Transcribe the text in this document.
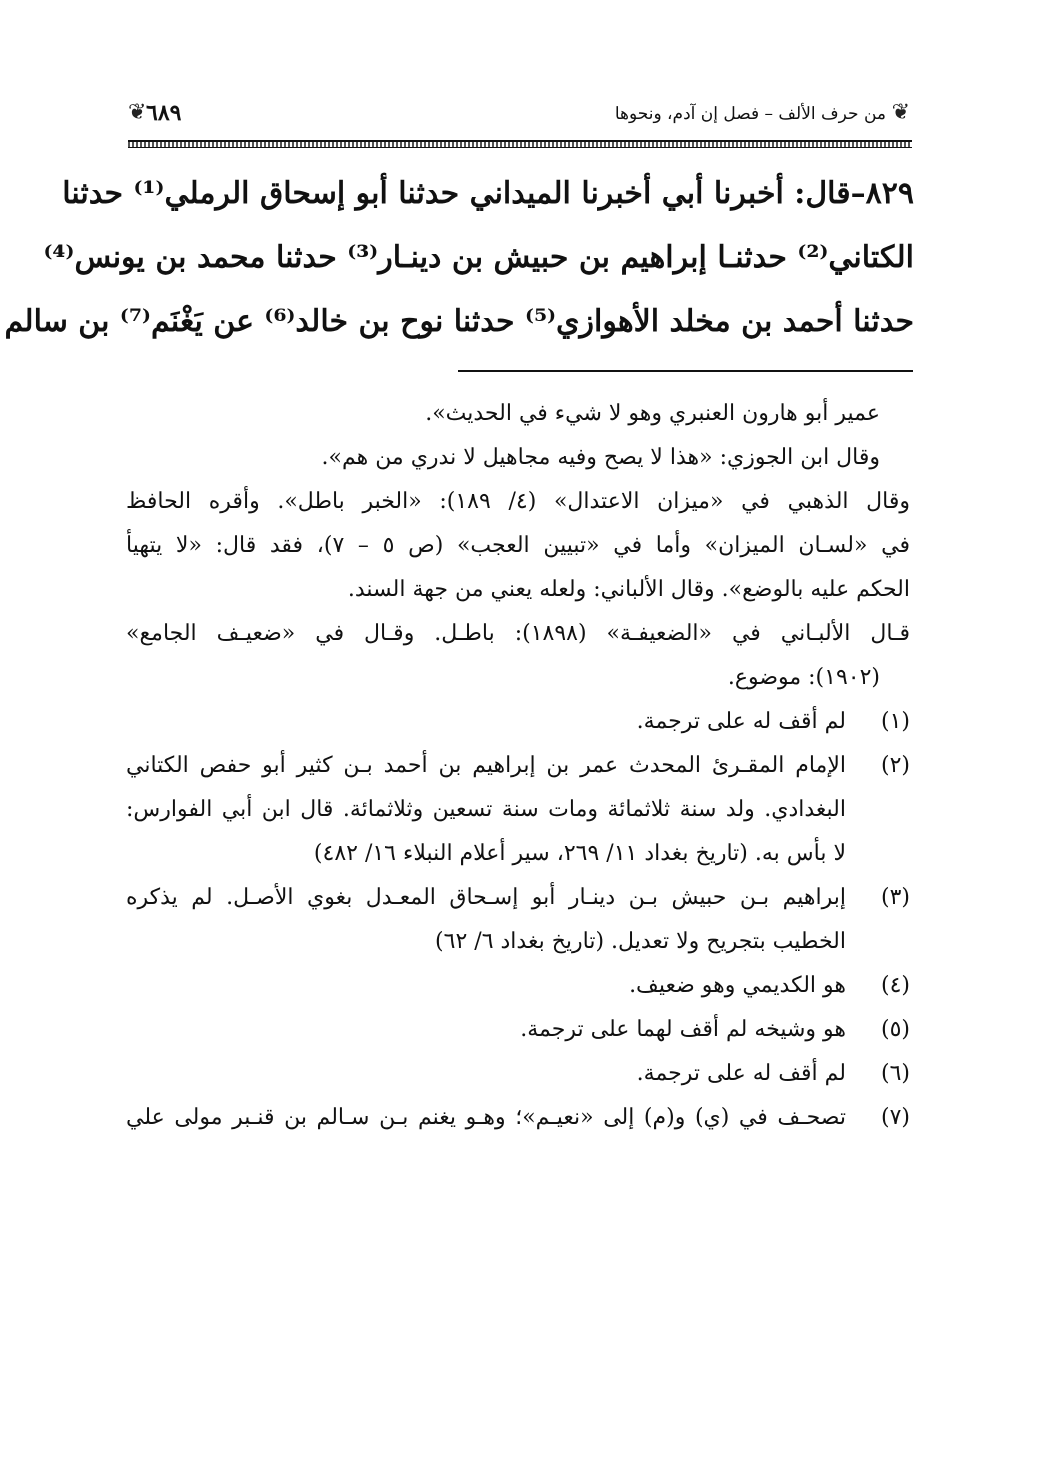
❦
من حرف الألف – فصل إن آدم، ونحوها
٦٨٩
❦
٨٢٩–قال: أخبرنا أبي أخبرنا الميداني حدثنا أبو إسحاق الرملي⁽¹⁾ حدثنا
الكتاني⁽²⁾ حدثنـا إبراهيم بن حبيش بن دينـار⁽³⁾ حدثنا محمد بن يونس⁽⁴⁾
حدثنا أحمد بن مخلد الأهوازي⁽⁵⁾ حدثنا نوح بن خالد⁽⁶⁾ عن يَغْنَم⁽⁷⁾ بن سالم
عمير أبو هارون العنبري وهو لا شيء في الحديث».
وقال ابن الجوزي: «هذا لا يصح وفيه مجاهيل لا ندري من هم».
وقال الذهبي في «ميزان الاعتدال» (٤/ ١٨٩): «الخبر باطل». وأقره الحافظ
في «لسـان الميزان» وأما في «تبيين العجب» (ص ٥ – ٧)، فقد قال: «لا يتهيأ
الحكم عليه بالوضع». وقال الألباني: ولعله يعني من جهة السند.
قـال الألبـاني في «الضعيفـة» (١٨٩٨): باطـل. وقـال في «ضعيـف الجامع»
(١٩٠٢): موضوع.
(١)لم أقف له على ترجمة.
(٢)الإمام المقـرئ المحدث عمر بن إبراهيم بن أحمد بـن كثير أبو حفص الكتاني
البغدادي. ولد سنة ثلاثمائة ومات سنة تسعين وثلاثمائة. قال ابن أبي الفوارس:
لا بأس به. (تاريخ بغداد ١١/ ٢٦٩، سير أعلام النبلاء ١٦/ ٤٨٢)
(٣)إبراهيم بـن حبيش بـن دينـار أبو إسـحاق المعـدل بغوي الأصـل. لم يذكره
الخطيب بتجريح ولا تعديل. (تاريخ بغداد ٦/ ٦٢)
(٤)هو الكديمي وهو ضعيف.
(٥)هو وشيخه لم أقف لهما على ترجمة.
(٦)لم أقف له على ترجمة.
(٧)تصحـف في (ي) و(م) إلى «نعيـم»؛ وهـو يغنم بـن سـالم بن قنـبر مولى علي
